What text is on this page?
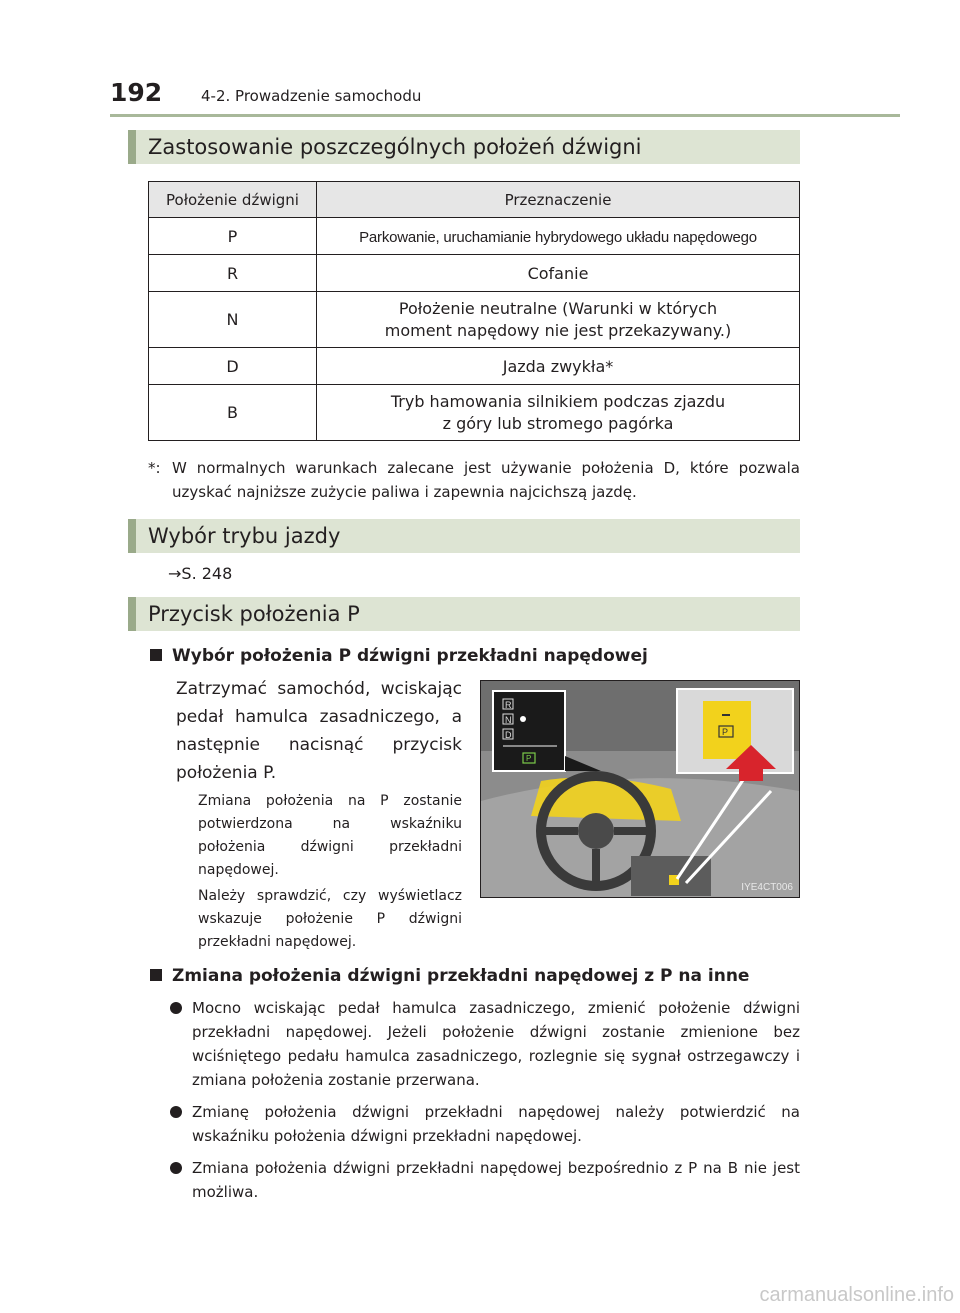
192	4-2. Prowadzenie samochodu
Zastosowanie poszczególnych położeń dźwigni
Położenie dźwigni	Przeznaczenie
P	Parkowanie, uruchamianie hybrydowego układu napędowego
R	Cofanie
N	Położenie neutralne (Warunki w których
moment napędowy nie jest przekazywany.)
D	Jazda zwykła*
B	Tryb hamowania silnikiem podczas zjazdu
z góry lub stromego pagórka
*: W normalnych warunkach zalecane jest używanie położenia D, które pozwala uzyskać najniższe zużycie paliwa i zapewnia najcichszą jazdę.
Wybór trybu jazdy
→S. 248
Przycisk położenia P
Wybór położenia P dźwigni przekładni napędowej
Zatrzymać samochód, wciskając pedał hamulca zasadniczego, a następnie nacisnąć przycisk położenia P.
Zmiana położenia na P zostanie potwierdzona na wskaźniku położenia dźwigni przekładni napędowej.
Należy sprawdzić, czy wyświetlacz wskazuje położenie P dźwigni przekładni napędowej.
R
N
D
P
P
IYE4CT006
Zmiana położenia dźwigni przekładni napędowej z P na inne
Mocno wciskając pedał hamulca zasadniczego, zmienić położenie dźwigni przekładni napędowej. Jeżeli położenie dźwigni zostanie zmienione bez wciśniętego pedału hamulca zasadniczego, rozlegnie się sygnał ostrzegawczy i zmiana położenia zostanie przerwana.
Zmianę położenia dźwigni przekładni napędowej należy potwierdzić na wskaźniku położenia dźwigni przekładni napędowej.
Zmiana położenia dźwigni przekładni napędowej bezpośrednio z P na B nie jest możliwa.
carmanualsonline.info
